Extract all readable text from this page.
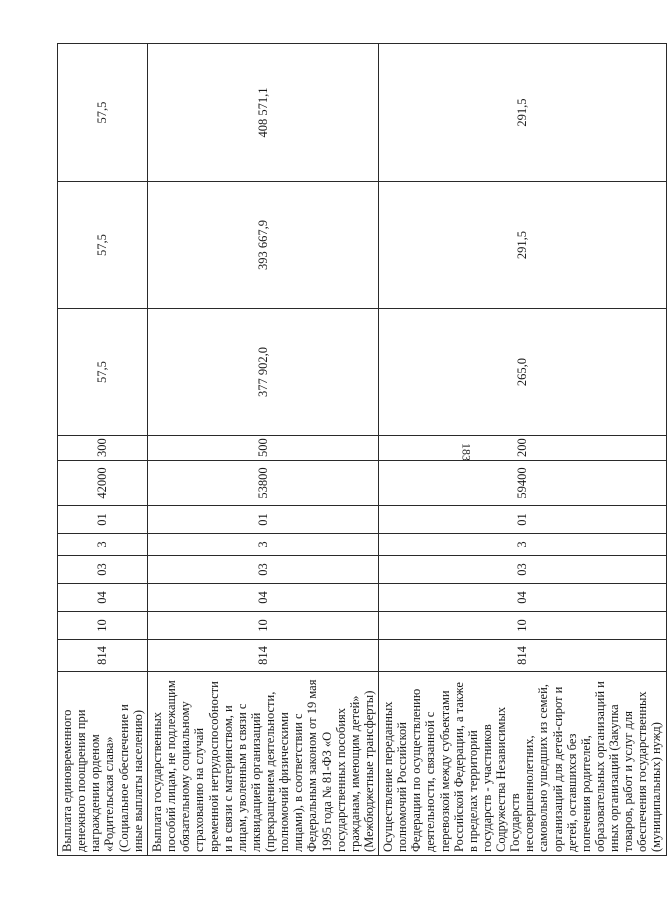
183
Выплата единовременного денежного поощрения при награждении орденом «Родительская слава» (Социальное обеспечение и иные выплаты населению)	814	10	04	03	3	01	42000	300	57,5	57,5	57,5
Выплата государственных пособий лицам, не подлежащим обязательному социальному страхованию на случай временной нетрудоспособности и в связи с материнством, и лицам, уволенным в связи с ликвидацией организаций (прекращением деятельности, полномочий физическими лицами), в соответствии с Федеральным законом от 19 мая 1995 года № 81-ФЗ «О государственных пособиях гражданам, имеющим детей» (Межбюджетные трансферты)	814	10	04	03	3	01	53800	500	377 902,0	393 667,9	408 571,1
Осуществление переданных полномочий Российской Федерации по осуществлению деятельности, связанной с перевозкой между субъектами Российской Федерации, а также в пределах территорий государств - участников Содружества Независимых Государств несовершеннолетних, самовольно ушедших из семей, организаций для детей-сирот и детей, оставшихся без попечения родителей, образовательных организаций и иных организаций (Закупка товаров, работ и услуг для обеспечения государственных (муниципальных) нужд)	814	10	04	03	3	01	59400	200	265,0	291,5	291,5
